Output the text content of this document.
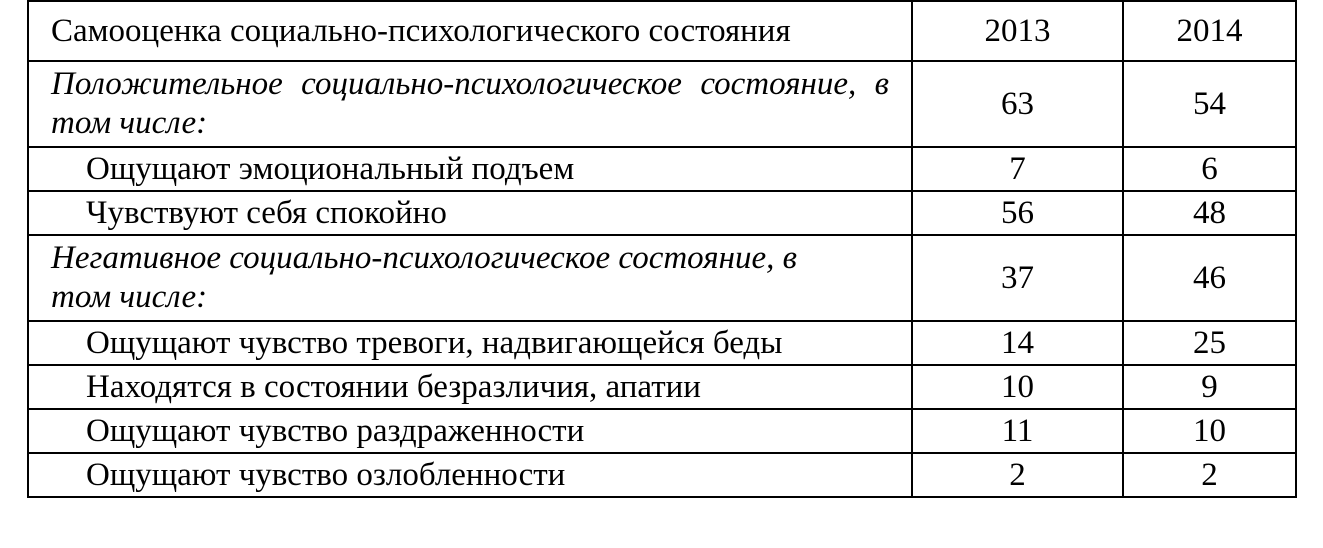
Самооценка социально-психологического состояния	2013	2014
Положительное социально-психологическое состояние, в том числе:	63	54
Ощущают эмоциональный подъем	7	6
Чувствуют себя спокойно	56	48
Негативное социально-психологическое состояние, в том числе:	37	46
Ощущают чувство тревоги, надвигающейся беды	14	25
Находятся в состоянии безразличия, апатии	10	9
Ощущают чувство раздраженности	11	10
Ощущают чувство озлобленности	2	2
